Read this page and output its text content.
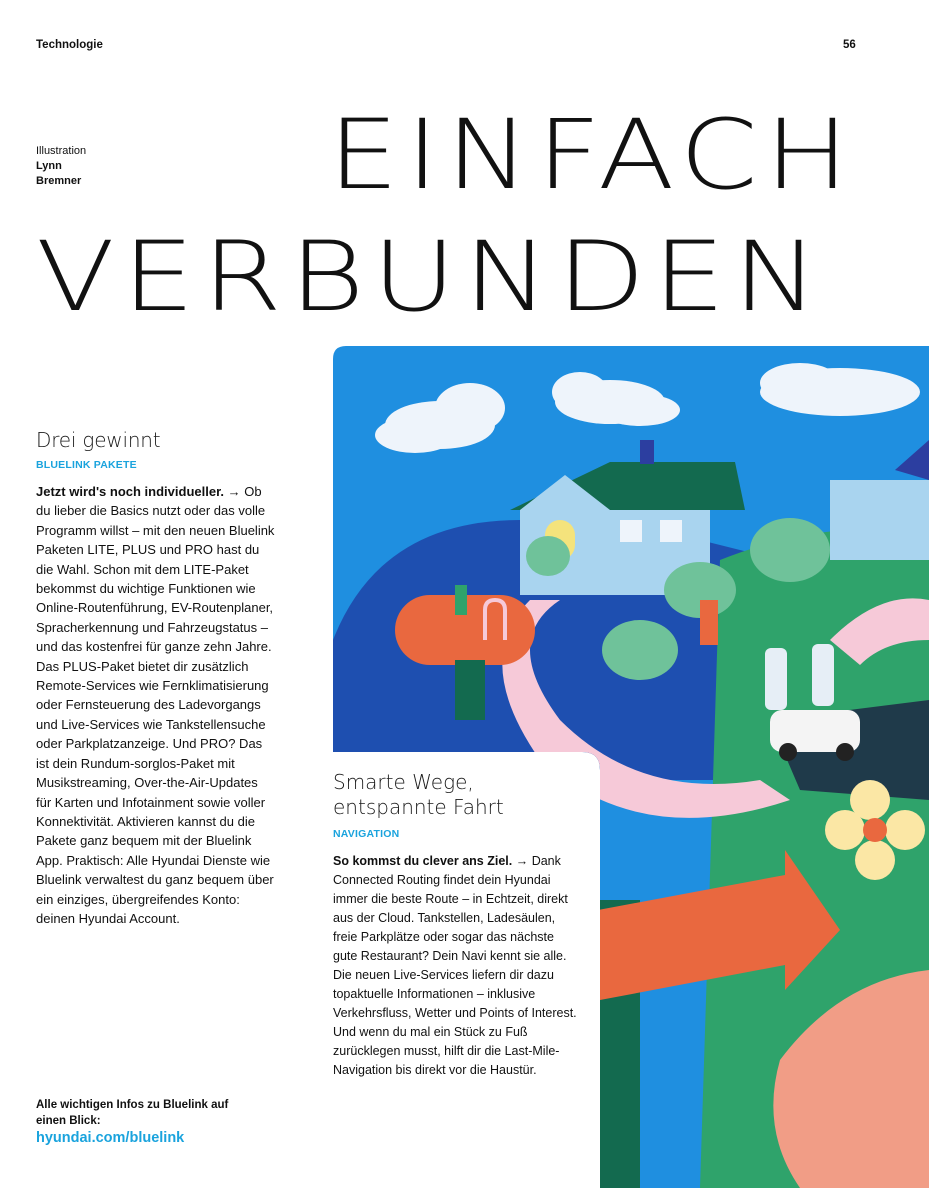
Technologie	56
Illustration
Lynn
Bremner	EINFACH
VERBUNDEN
Drei gewinnt
BLUELINK PAKETE

Jetzt wird's noch individueller. → Ob du lieber die Basics nutzt oder das volle Programm willst – mit den neuen Bluelink Paketen LITE, PLUS und PRO hast du die Wahl. Schon mit dem LITE-Paket bekommst du wichtige Funktionen wie Online-Routenführung, EV-Routenplaner, Spracherkennung und Fahrzeugstatus – und das kostenfrei für ganze zehn Jahre. Das PLUS-Paket bietet dir zusätzlich Remote-Services wie Fernklimatisierung oder Fernsteuerung des Ladevorgangs und Live-Services wie Tankstellensuche oder Parkplatzanzeige. Und PRO? Das ist dein Rundum-sorglos-Paket mit Musikstreaming, Over-the-Air-Updates für Karten und Infotainment sowie voller Konnektivität. Aktivieren kannst du die Pakete ganz bequem mit der Bluelink App. Praktisch: Alle Hyundai Dienste wie Bluelink verwaltest du ganz bequem über ein einziges, übergreifendes Konto: deinen Hyundai Account.

Alle wichtigen Infos zu Bluelink auf einen Blick:
hyundai.com/bluelink
Smarte Wege,
entspannte Fahrt
NAVIGATION

So kommst du clever ans Ziel. → Dank Connected Routing findet dein Hyundai immer die beste Route – in Echtzeit, direkt aus der Cloud. Tankstellen, Ladesäulen, freie Parkplätze oder sogar das nächste gute Restaurant? Dein Navi kennt sie alle. Die neuen Live-Services liefern dir dazu topaktuelle Informationen – inklusive Verkehrsfluss, Wetter und Points of Interest. Und wenn du mal ein Stück zu Fuß zurücklegen musst, hilft dir die Last-Mile-Navigation bis direkt vor die Haustür.
